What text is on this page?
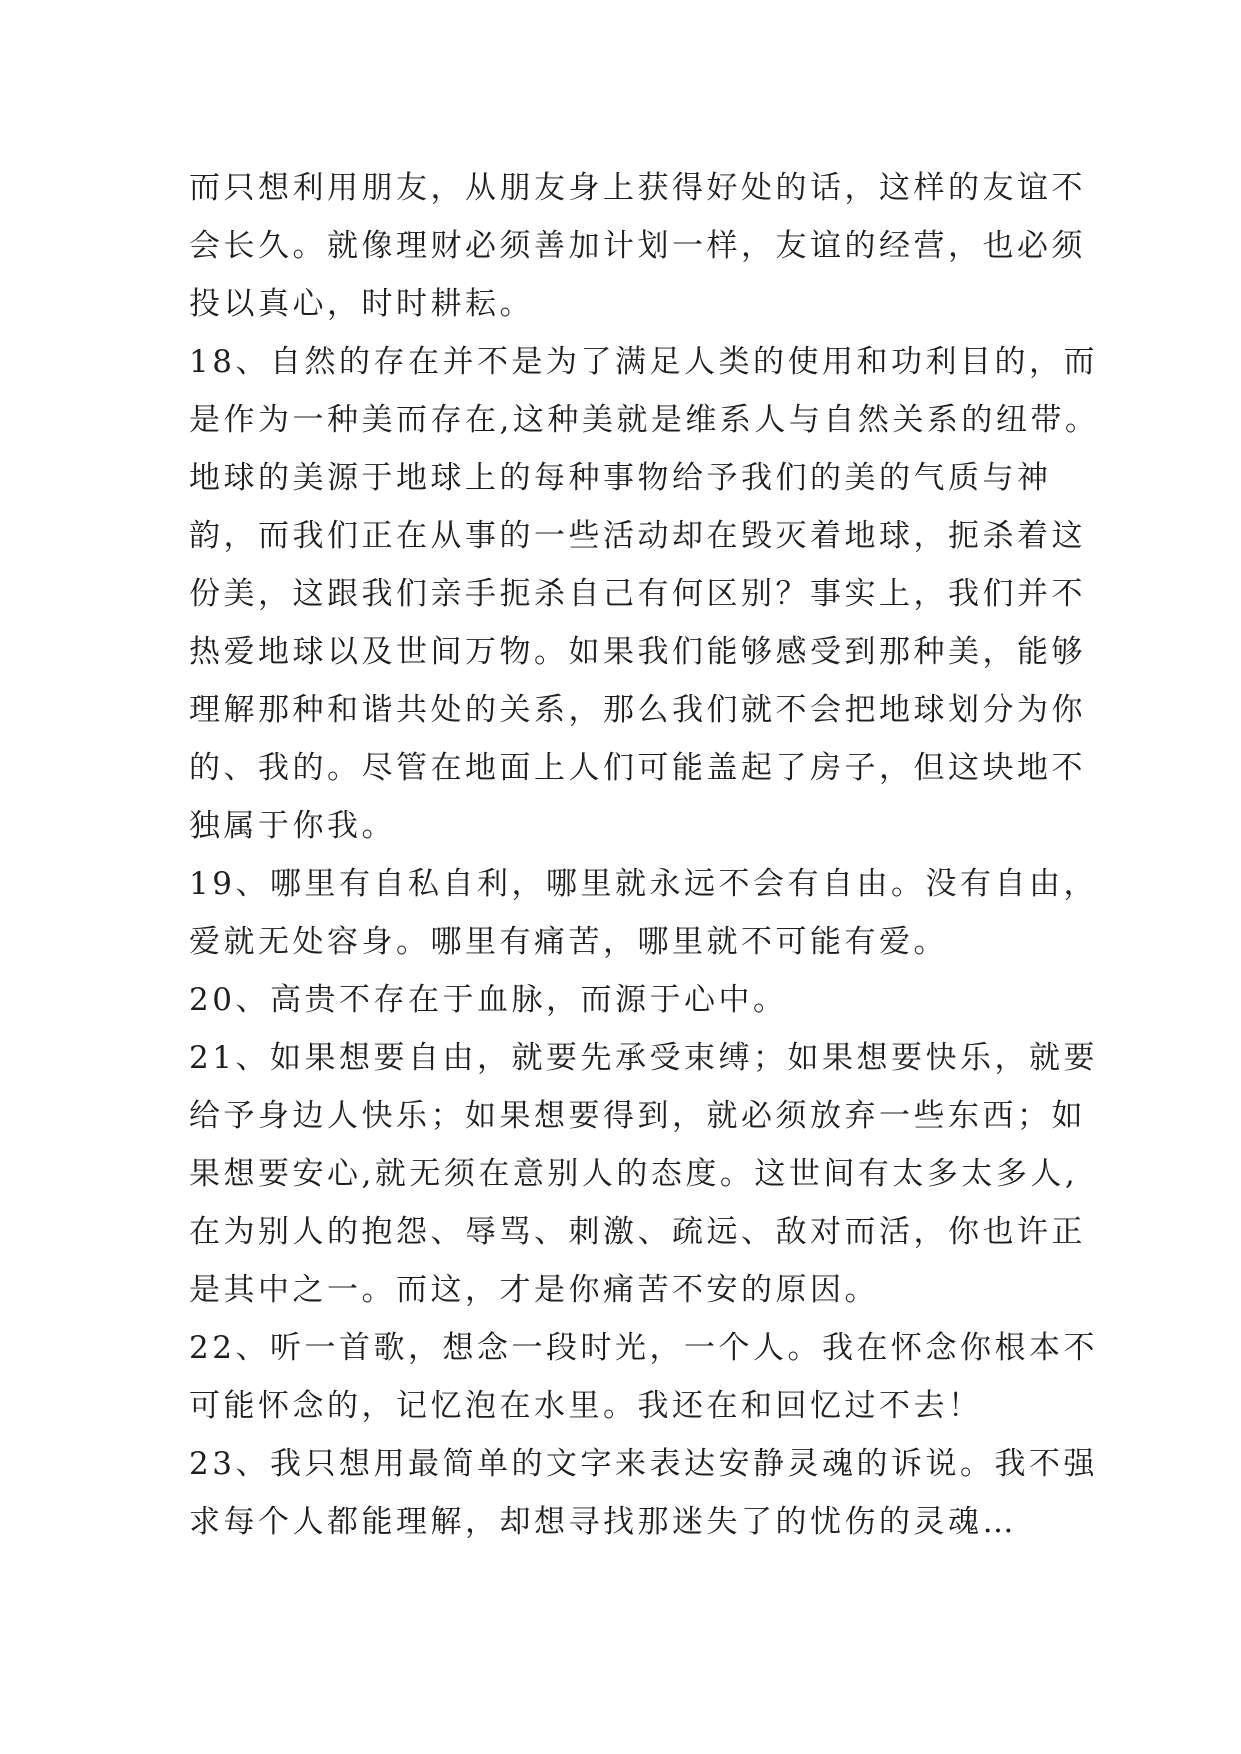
而只想利用朋友，从朋友身上获得好处的话，这样的友谊不
会长久。就像理财必须善加计划一样，友谊的经营，也必须
投以真心，时时耕耘。
18、自然的存在并不是为了满足人类的使用和功利目的，而
是作为一种美而存在,这种美就是维系人与自然关系的纽带。
地球的美源于地球上的每种事物给予我们的美的气质与神
韵，而我们正在从事的一些活动却在毁灭着地球，扼杀着这
份美，这跟我们亲手扼杀自己有何区别？事实上，我们并不
热爱地球以及世间万物。如果我们能够感受到那种美，能够
理解那种和谐共处的关系，那么我们就不会把地球划分为你
的、我的。尽管在地面上人们可能盖起了房子，但这块地不
独属于你我。
19、哪里有自私自利，哪里就永远不会有自由。没有自由，
爱就无处容身。哪里有痛苦，哪里就不可能有爱。
20、高贵不存在于血脉，而源于心中。
21、如果想要自由，就要先承受束缚；如果想要快乐，就要
给予身边人快乐；如果想要得到，就必须放弃一些东西；如
果想要安心,就无须在意别人的态度。这世间有太多太多人,
在为别人的抱怨、辱骂、刺激、疏远、敌对而活，你也许正
是其中之一。而这，才是你痛苦不安的原因。
22、听一首歌，想念一段时光，一个人。我在怀念你根本不
可能怀念的，记忆泡在水里。我还在和回忆过不去！
23、我只想用最简单的文字来表达安静灵魂的诉说。我不强
求每个人都能理解，却想寻找那迷失了的忧伤的灵魂…
